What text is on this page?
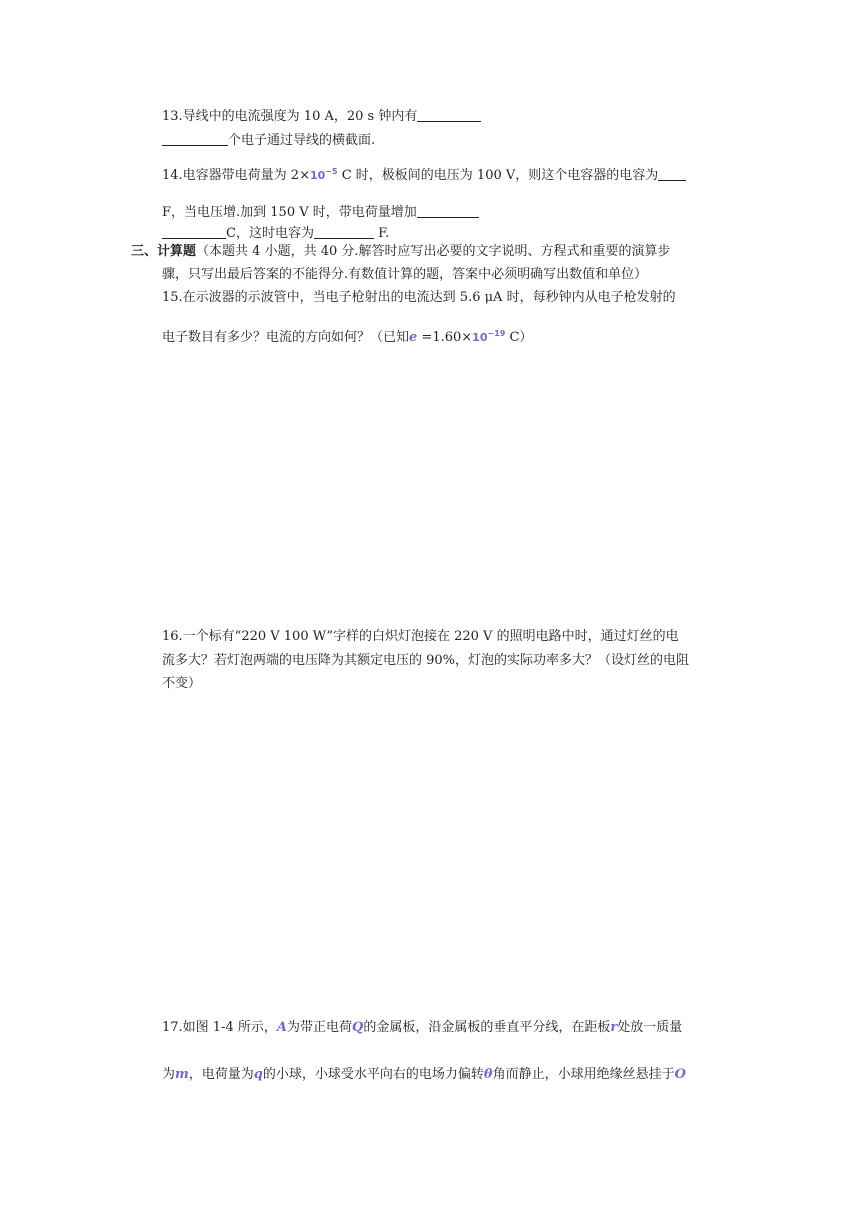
13.导线中的电流强度为 10 A，20 s 钟内有
个电子通过导线的横截面.
14.电容器带电荷量为 $2\times 10^{-5}$ C 时，极板间的电压为 100 V，则这个电容器的电容为
F，当电压增.加到 150 V 时，带电荷量增加
C，这时电容为	F.
三、计算题（本题共 4 小题，共 40 分.解答时应写出必要的文字说明、方程式和重要的演算步
骤，只写出最后答案的不能得分.有数值计算的题，答案中必须明确写出数值和单位）
15.在示波器的示波管中，当电子枪射出的电流达到 5.6 μA 时，每秒钟内从电子枪发射的
电子数目有多少？电流的方向如何？（已知$e =1.60\times 10^{-19}$ C）
16.一个标有“220 V 100 W”字样的白炽灯泡接在 220 V 的照明电路中时，通过灯丝的电
流多大？若灯泡两端的电压降为其额定电压的 90%，灯泡的实际功率多大？（设灯丝的电阻
不变）
17.如图 1-4 所示，A为带正电荷Q的金属板，沿金属板的垂直平分线，在距板r处放一质量
为m，电荷量为q的小球，小球受水平向右的电场力偏转θ角而静止，小球用绝缘丝悬挂于O
